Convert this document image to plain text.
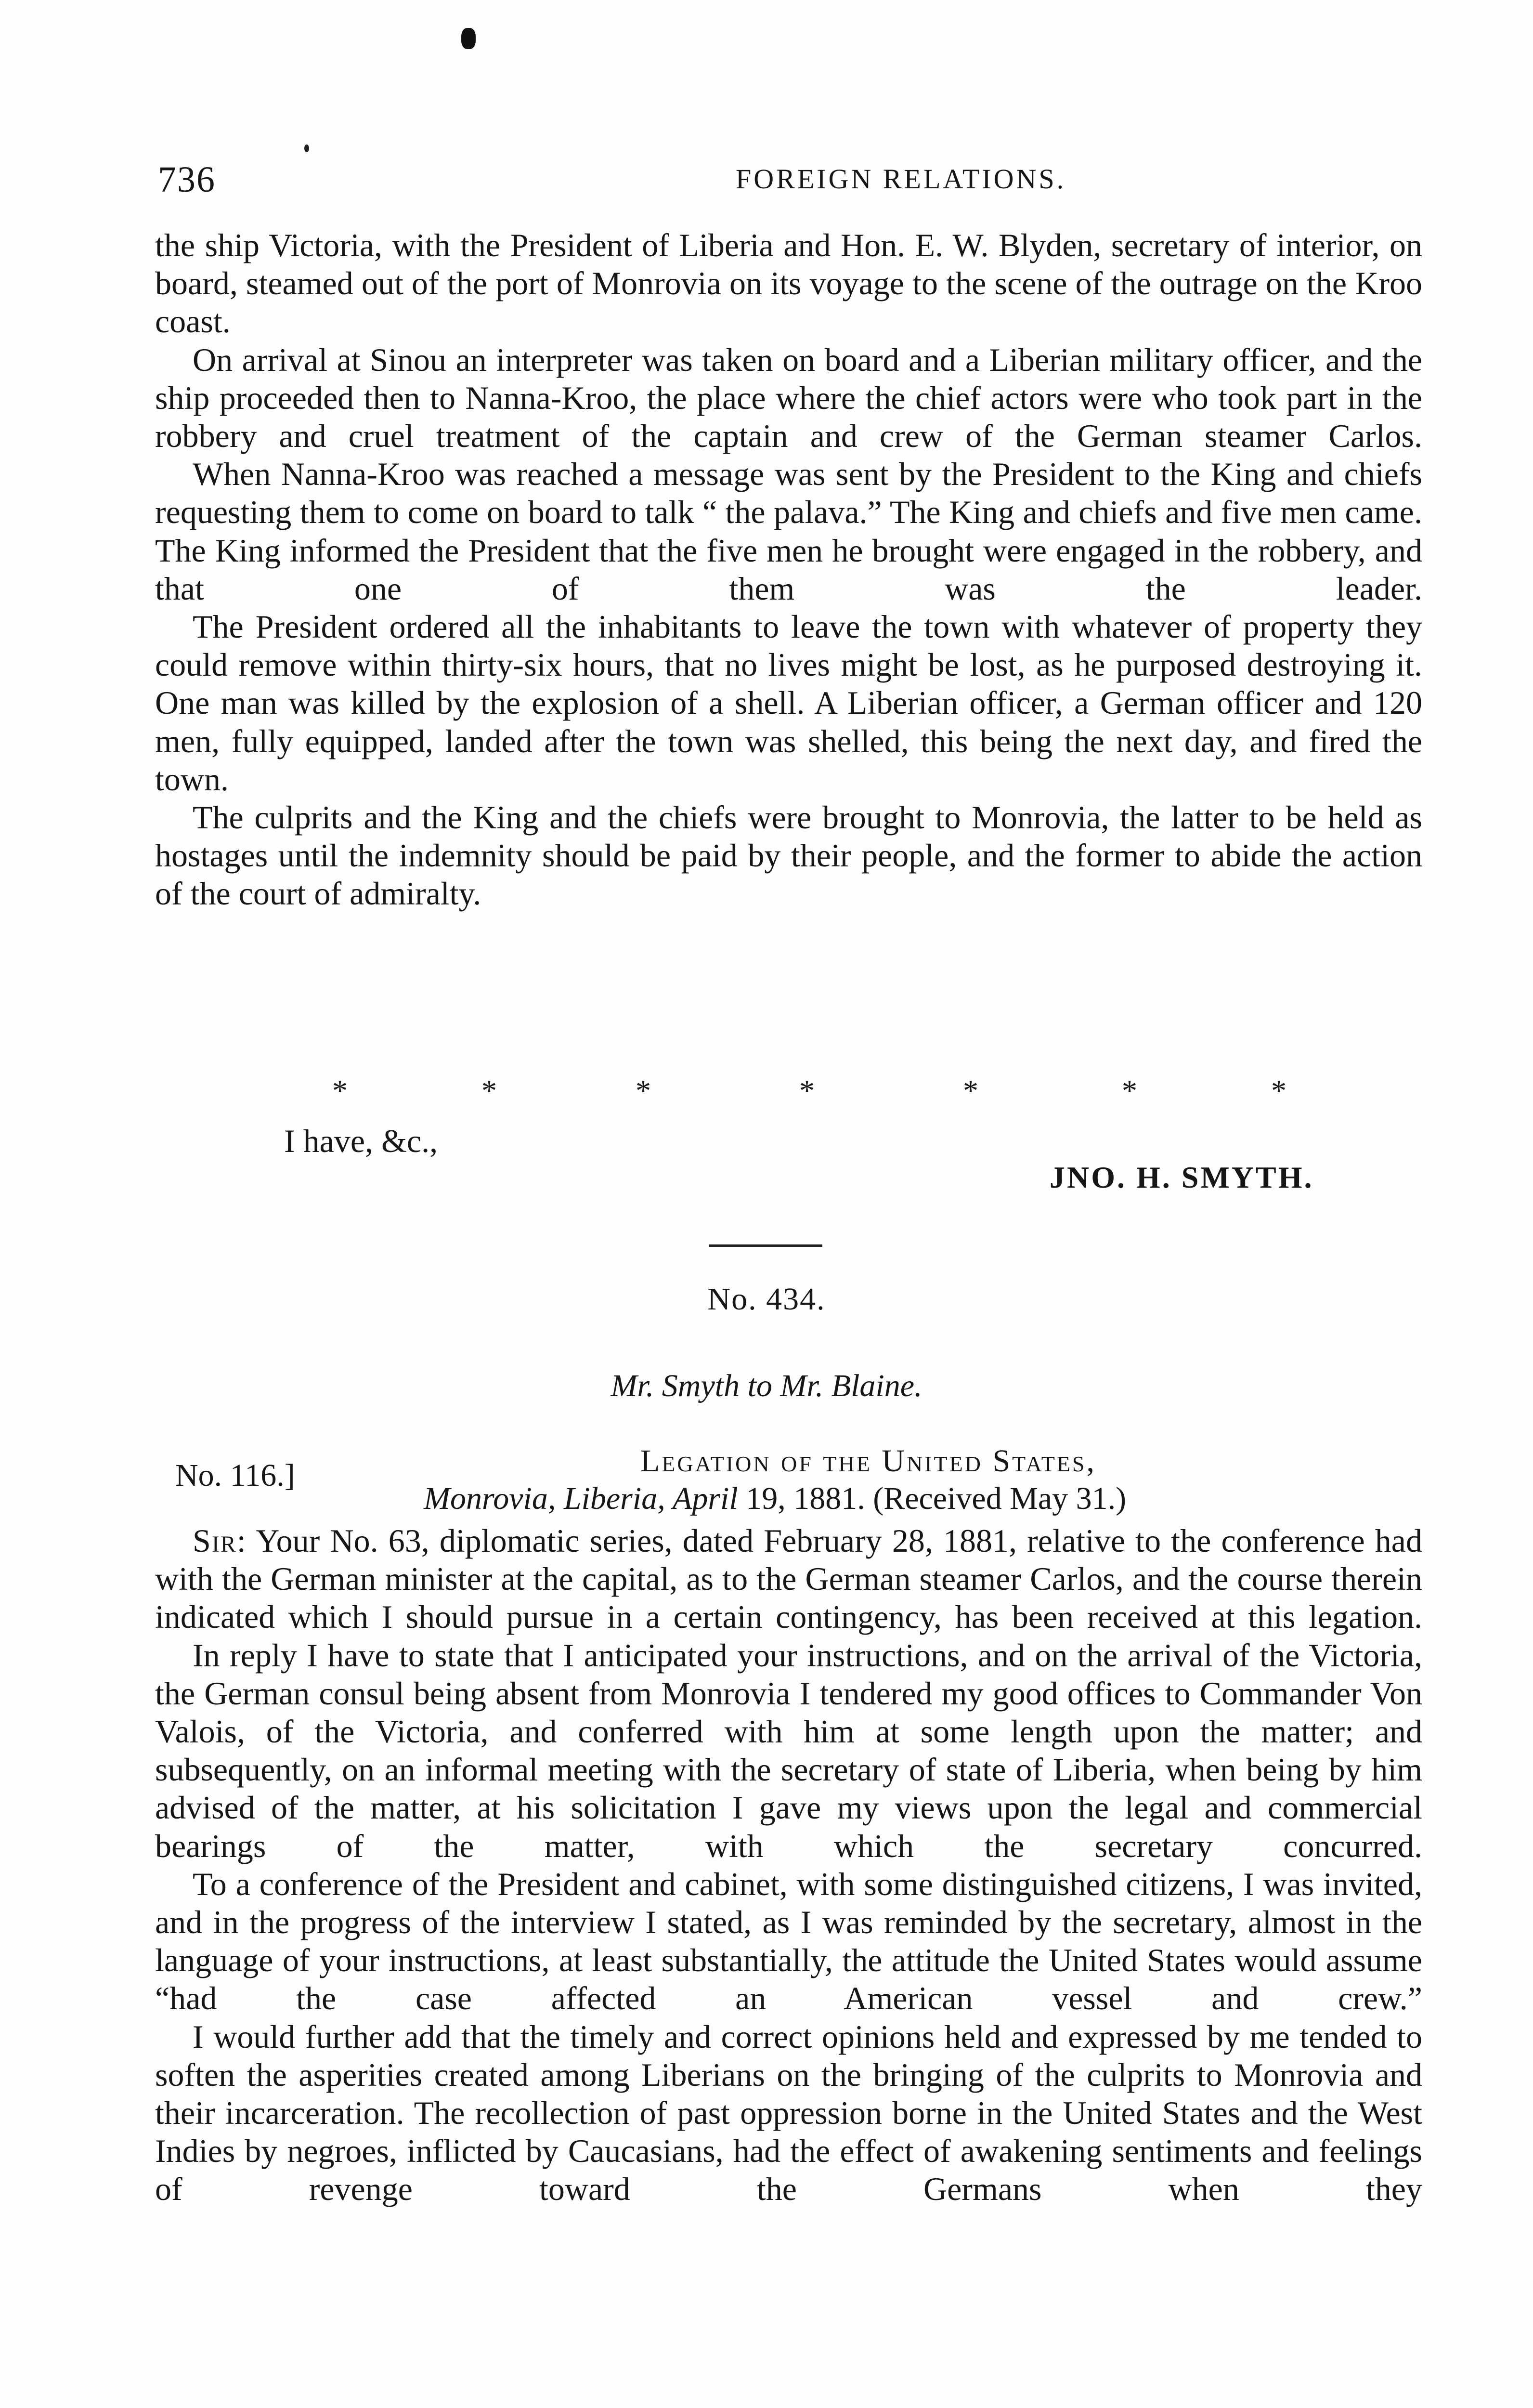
736	FOREIGN RELATIONS.

the ship Victoria, with the President of Liberia and Hon. E. W. Blyden, secretary of interior, on board, steamed out of the port of Monrovia on its voyage to the scene of the outrage on the Kroo coast.

On arrival at Sinou an interpreter was taken on board and a Liberian military officer, and the ship proceeded then to Nanna-Kroo, the place where the chief actors were who took part in the robbery and cruel treatment of the captain and crew of the German steamer Carlos.

When Nanna-Kroo was reached a message was sent by the President to the King and chiefs requesting them to come on board to talk “ the palava.” The King and chiefs and five men came. The King informed the President that the five men he brought were engaged in the robbery, and that one of them was the leader.

The President ordered all the inhabitants to leave the town with whatever of property they could remove within thirty-six hours, that no lives might be lost, as he purposed destroying it. One man was killed by the explosion of a shell. A Liberian officer, a German officer and 120 men, fully equipped, landed after the town was shelled, this being the next day, and fired the town.

The culprits and the King and the chiefs were brought to Monrovia, the latter to be held as hostages until the indemnity should be paid by their people, and the former to abide the action of the court of admiralty.

*	*	*	*	*	*	*
I have, &c.,
JNO. H. SMYTH.
No. 434.
Mr. Smyth to Mr. Blaine.
No. 116.]	Legation of the United States,
Monrovia, Liberia, April 19, 1881. (Received May 31.)

Sir: Your No. 63, diplomatic series, dated February 28, 1881, relative to the conference had with the German minister at the capital, as to the German steamer Carlos, and the course therein indicated which I should pursue in a certain contingency, has been received at this legation.

In reply I have to state that I anticipated your instructions, and on the arrival of the Victoria, the German consul being absent from Monrovia I tendered my good offices to Commander Von Valois, of the Victoria, and conferred with him at some length upon the matter; and subsequently, on an informal meeting with the secretary of state of Liberia, when being by him advised of the matter, at his solicitation I gave my views upon the legal and commercial bearings of the matter, with which the secretary concurred.

To a conference of the President and cabinet, with some distinguished citizens, I was invited, and in the progress of the interview I stated, as I was reminded by the secretary, almost in the language of your instructions, at least substantially, the attitude the United States would assume “had the case affected an American vessel and crew.”

I would further add that the timely and correct opinions held and expressed by me tended to soften the asperities created among Liberians on the bringing of the culprits to Monrovia and their incarceration. The recollection of past oppression borne in the United States and the West Indies by negroes, inflicted by Caucasians, had the effect of awakening sentiments and feelings of revenge toward the Germans when they
